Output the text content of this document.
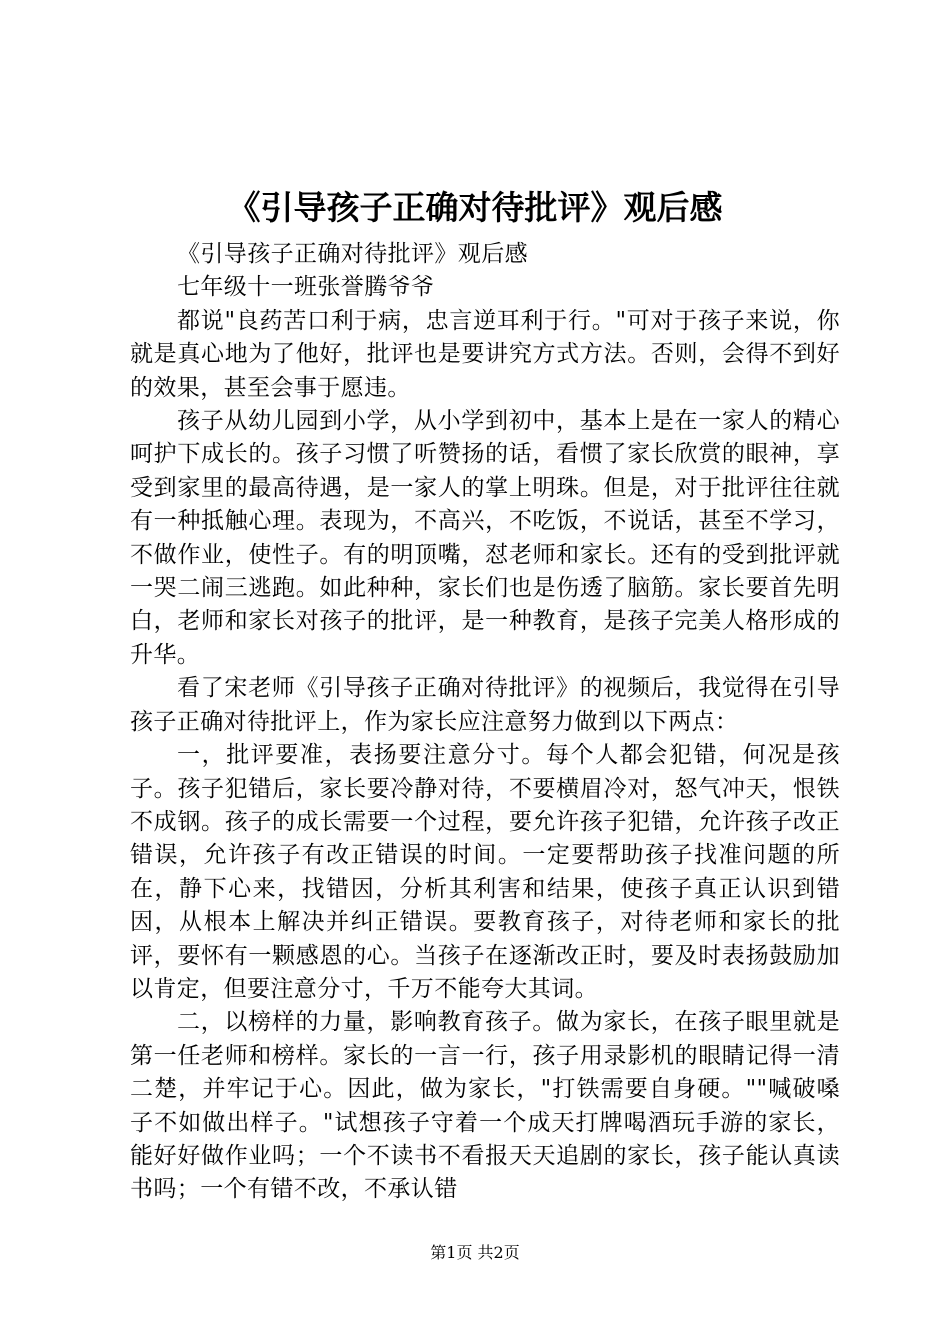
《引导孩子正确对待批评》观后感

《引导孩子正确对待批评》观后感

七年级十一班张誉腾爷爷

都说"良药苦口利于病，忠言逆耳利于行。"可对于孩子来说，你就是真心地为了他好，批评也是要讲究方式方法。否则，会得不到好的效果，甚至会事于愿违。

孩子从幼儿园到小学，从小学到初中，基本上是在一家人的精心呵护下成长的。孩子习惯了听赞扬的话，看惯了家长欣赏的眼神，享受到家里的最高待遇，是一家人的掌上明珠。但是，对于批评往往就有一种抵触心理。表现为，不高兴，不吃饭，不说话，甚至不学习，不做作业，使性子。有的明顶嘴，怼老师和家长。还有的受到批评就一哭二闹三逃跑。如此种种，家长们也是伤透了脑筋。家长要首先明白，老师和家长对孩子的批评，是一种教育，是孩子完美人格形成的升华。

看了宋老师《引导孩子正确对待批评》的视频后，我觉得在引导孩子正确对待批评上，作为家长应注意努力做到以下两点：

一，批评要准，表扬要注意分寸。每个人都会犯错，何况是孩子。孩子犯错后，家长要冷静对待，不要横眉冷对，怒气冲天，恨铁不成钢。孩子的成长需要一个过程，要允许孩子犯错，允许孩子改正错误，允许孩子有改正错误的时间。一定要帮助孩子找准问题的所在，静下心来，找错因，分析其利害和结果，使孩子真正认识到错因，从根本上解决并纠正错误。要教育孩子，对待老师和家长的批评，要怀有一颗感恩的心。当孩子在逐渐改正时，要及时表扬鼓励加以肯定，但要注意分寸，千万不能夸大其词。

二，以榜样的力量，影响教育孩子。做为家长，在孩子眼里就是第一任老师和榜样。家长的一言一行，孩子用录影机的眼睛记得一清二楚，并牢记于心。因此，做为家长，"打铁需要自身硬。""喊破嗓子不如做出样子。"试想孩子守着一个成天打牌喝酒玩手游的家长，能好好做作业吗；一个不读书不看报天天追剧的家长，孩子能认真读书吗；一个有错不改，不承认错

第1页 共2页
